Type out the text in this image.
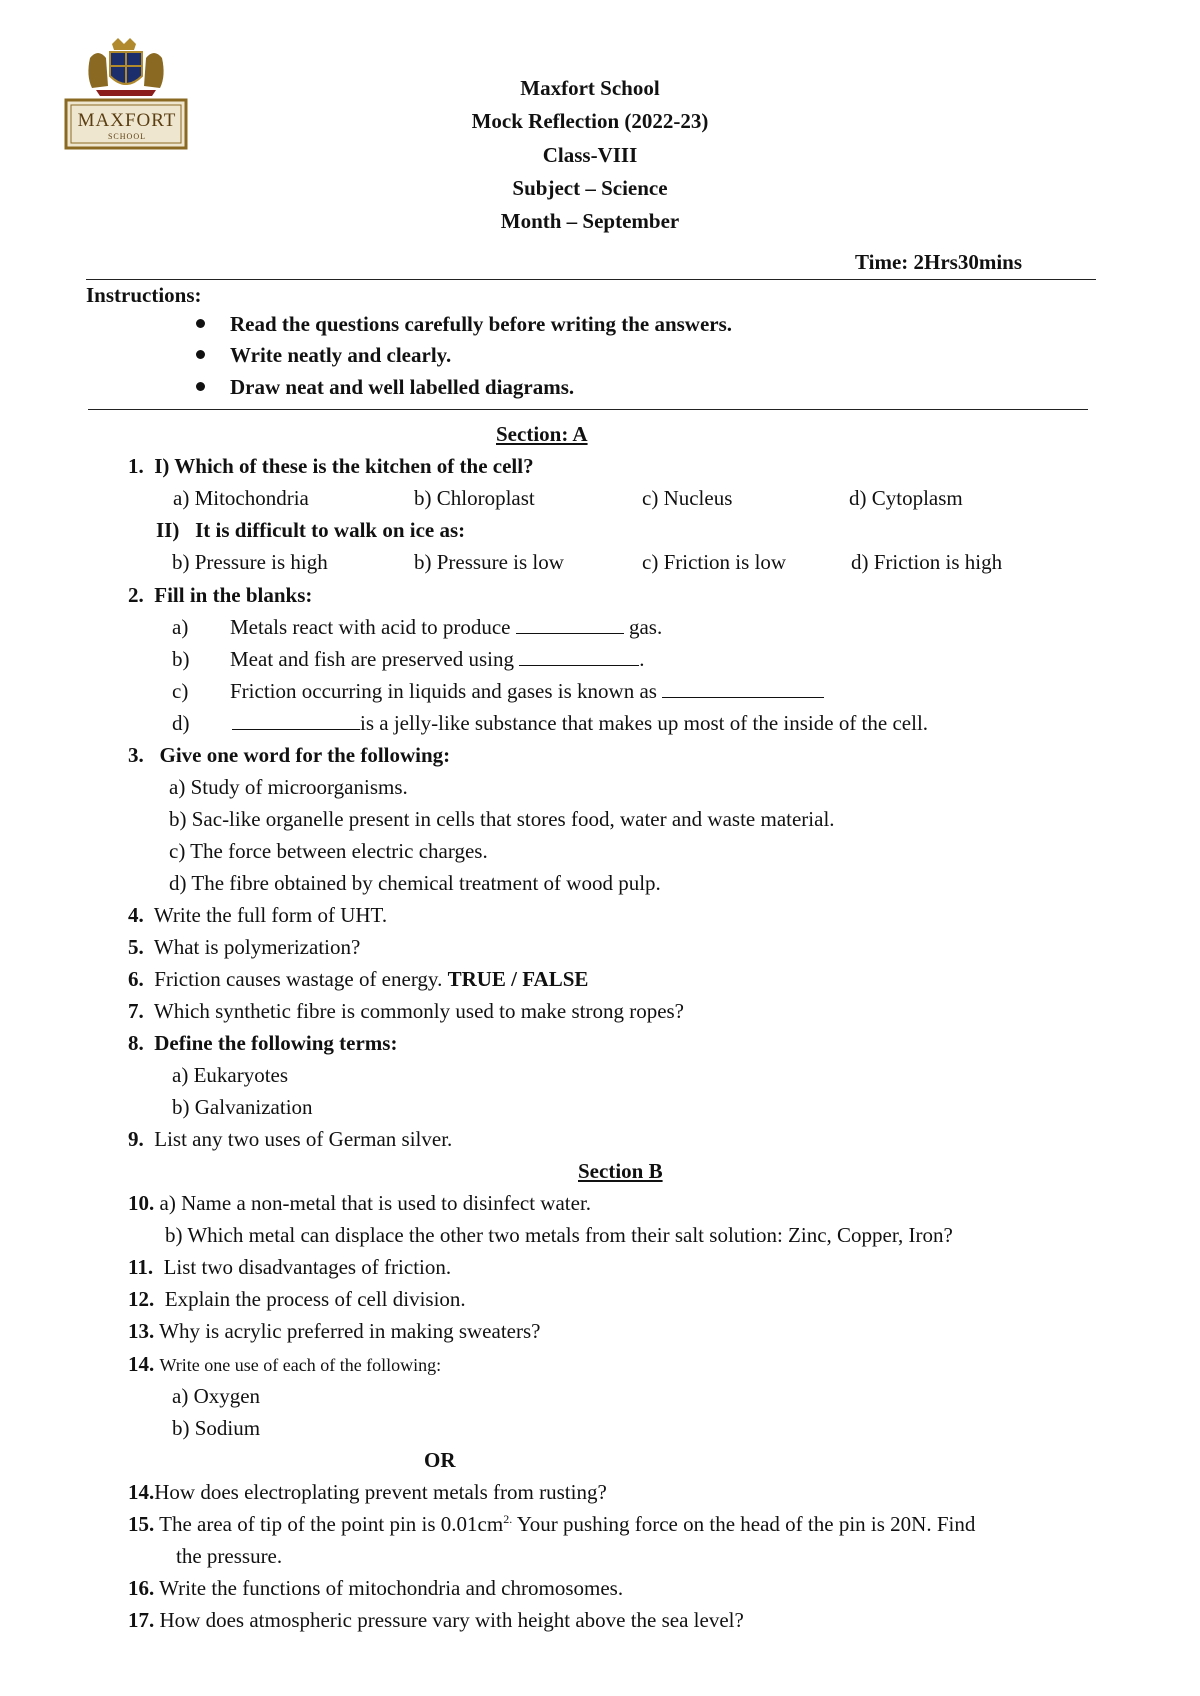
MAXFORT
SCHOOL
Maxfort School
Mock Reflection (2022-23)
Class-VIII
Subject – Science
Month – September
Time: 2Hrs30mins
Instructions:
Read the questions carefully before writing the answers.
Write neatly and clearly.
Draw neat and well labelled diagrams.
Section: A
1. I) Which of these is the kitchen of the cell?
a) Mitochondria	b) Chloroplast	c) Nucleus	d) Cytoplasm
II) It is difficult to walk on ice as:
b) Pressure is high	b) Pressure is low	c) Friction is low	d) Friction is high
2. Fill in the blanks:
a) Metals react with acid to produce	gas.
b) Meat and fish are preserved using	.
c) Friction occurring in liquids and gases is known as
d)	is a jelly-like substance that makes up most of the inside of the cell.
3. Give one word for the following:
a) Study of microorganisms.
b) Sac-like organelle present in cells that stores food, water and waste material.
c) The force between electric charges.
d) The fibre obtained by chemical treatment of wood pulp.
4. Write the full form of UHT.
5. What is polymerization?
6. Friction causes wastage of energy. TRUE / FALSE
7. Which synthetic fibre is commonly used to make strong ropes?
8. Define the following terms:
a) Eukaryotes
b) Galvanization
9. List any two uses of German silver.
Section B
10. a) Name a non-metal that is used to disinfect water.
b) Which metal can displace the other two metals from their salt solution: Zinc, Copper, Iron?
11. List two disadvantages of friction.
12. Explain the process of cell division.
13. Why is acrylic preferred in making sweaters?
14. Write one use of each of the following:
a) Oxygen
b) Sodium
OR
14.How does electroplating prevent metals from rusting?
15. The area of tip of the point pin is $0.01cm^{2.}$ Your pushing force on the head of the pin is 20N. Find
the pressure.
16. Write the functions of mitochondria and chromosomes.
17. How does atmospheric pressure vary with height above the sea level?
